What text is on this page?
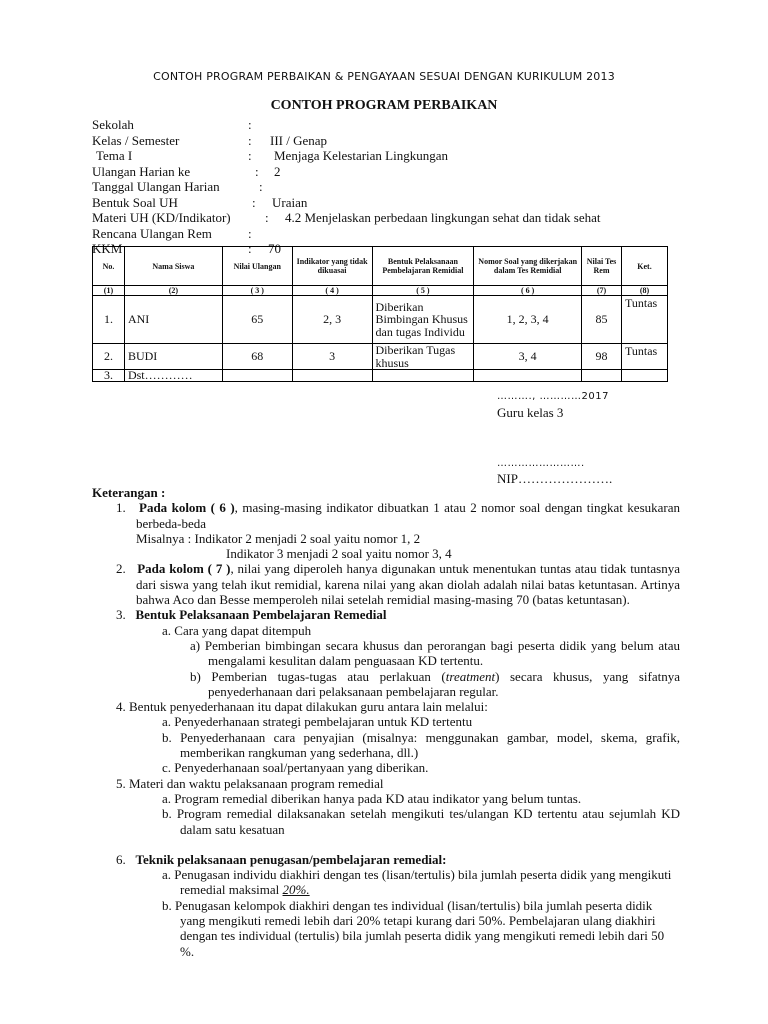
CONTOH PROGRAM PERBAIKAN & PENGAYAAN SESUAI DENGAN KURIKULUM 2013
CONTOH PROGRAM PERBAIKAN
Sekolah	:
Kelas / Semester	: III / Genap
Tema I	: Menjaga Kelestarian Lingkungan
Ulangan Harian ke	: 2
Tanggal Ulangan Harian	:
Bentuk Soal UH	: Uraian
Materi UH (KD/Indikator)	: 4.2 Menjelaskan perbedaan lingkungan sehat dan tidak sehat
Rencana Ulangan Rem	:
KKM	: 70
No.	Nama Siswa	Nilai Ulangan	Indikator yang tidak dikuasai	Bentuk Pelaksanaan Pembelajaran Remidial	Nomor Soal yang dikerjakan dalam Tes Remidial	Nilai Tes Rem	Ket.
(1)	(2)	( 3 )	( 4 )	( 5 )	( 6 )	(7)	(8)
1.	ANI	65	2, 3	Diberikan Bimbingan Khusus dan tugas Individu	1, 2, 3, 4	85	Tuntas
2.	BUDI	68	3	Diberikan Tugas khusus	3, 4	98	Tuntas
3.	Dst…………						
………., …………2017
Guru kelas 3
…………………….
NIP………………….

Keterangan :

1. Pada kolom ( 6 ), masing-masing indikator dibuatkan 1 atau 2 nomor soal dengan tingkat kesukaran berbeda-beda

Misalnya : Indikator 2 menjadi 2 soal yaitu nomor 1, 2

Indikator 3 menjadi 2 soal yaitu nomor 3, 4

2. Pada kolom ( 7 ), nilai yang diperoleh hanya digunakan untuk menentukan tuntas atau tidak tuntasnya dari siswa yang telah ikut remidial, karena nilai yang akan diolah adalah nilai batas ketuntasan. Artinya bahwa Aco dan Besse memperoleh nilai setelah remidial masing-masing 70 (batas ketuntasan).

3. Bentuk Pelaksanaan Pembelajaran Remedial

a. Cara yang dapat ditempuh

a) Pemberian bimbingan secara khusus dan perorangan bagi peserta didik yang belum atau mengalami kesulitan dalam penguasaan KD tertentu.

b) Pemberian tugas-tugas atau perlakuan (treatment) secara khusus, yang sifatnya penyederhanaan dari pelaksanaan pembelajaran regular.

4. Bentuk penyederhanaan itu dapat dilakukan guru antara lain melalui:

a. Penyederhanaan strategi pembelajaran untuk KD tertentu

b. Penyederhanaan cara penyajian (misalnya: menggunakan gambar, model, skema, grafik, memberikan rangkuman yang sederhana, dll.)

c. Penyederhanaan soal/pertanyaan yang diberikan.

5. Materi dan waktu pelaksanaan program remedial

a. Program remedial diberikan hanya pada KD atau indikator yang belum tuntas.

b. Program remedial dilaksanakan setelah mengikuti tes/ulangan KD tertentu atau sejumlah KD dalam satu kesatuan

6. Teknik pelaksanaan penugasan/pembelajaran remedial:

a. Penugasan individu diakhiri dengan tes (lisan/tertulis) bila jumlah peserta didik yang mengikuti remedial maksimal 20%.

b. Penugasan kelompok diakhiri dengan tes individual (lisan/tertulis) bila jumlah peserta didik yang mengikuti remedi lebih dari 20% tetapi kurang dari 50%. Pembelajaran ulang diakhiri dengan tes individual (tertulis) bila jumlah peserta didik yang mengikuti remedi lebih dari 50 %.
